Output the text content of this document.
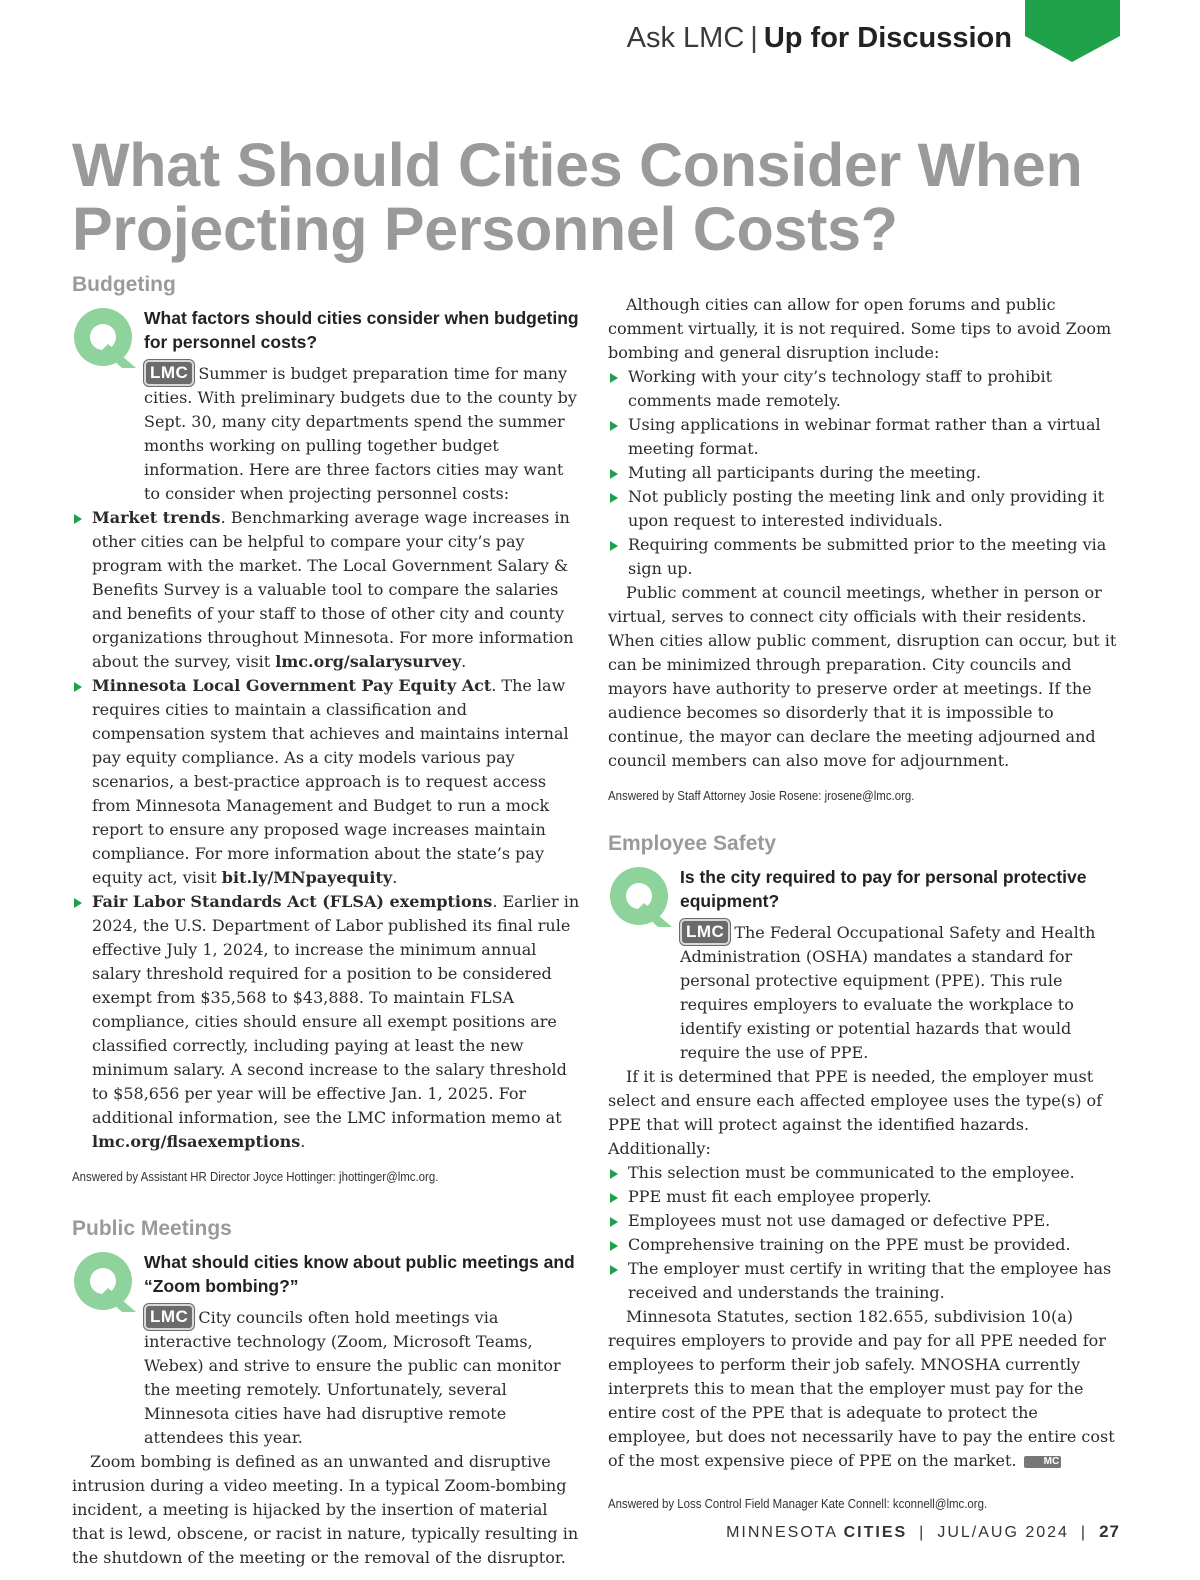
Ask LMC | Up for Discussion
What Should Cities Consider When Projecting Personnel Costs?
Budgeting
What factors should cities consider when budgeting for personnel costs?

LMC Summer is budget preparation time for many cities. With preliminary budgets due to the county by Sept. 30, many city departments spend the summer months working on pulling together budget information. Here are three factors cities may want to consider when projecting personnel costs:

Market trends. Benchmarking average wage increases in other cities can be helpful to compare your city’s pay program with the market. The Local Government Salary & Benefits Survey is a valuable tool to compare the salaries and benefits of your staff to those of other city and county organizations throughout Minnesota. For more information about the survey, visit lmc.org/salarysurvey.
Minnesota Local Government Pay Equity Act. The law requires cities to maintain a classification and compensation system that achieves and maintains internal pay equity compliance. As a city models various pay scenarios, a best-practice approach is to request access from Minnesota Management and Budget to run a mock report to ensure any proposed wage increases maintain compliance. For more information about the state’s pay equity act, visit bit.ly/MNpayequity.
Fair Labor Standards Act (FLSA) exemptions. Earlier in 2024, the U.S. Department of Labor published its final rule effective July 1, 2024, to increase the minimum annual salary threshold required for a position to be considered exempt from $35,568 to $43,888. To maintain FLSA compliance, cities should ensure all exempt positions are classified correctly, including paying at least the new minimum salary. A second increase to the salary threshold to $58,656 per year will be effective Jan. 1, 2025. For additional information, see the LMC information memo at lmc.org/flsaexemptions.
Answered by Assistant HR Director Joyce Hottinger: jhottinger@lmc.org.
Public Meetings
What should cities know about public meetings and “Zoom bombing?”

LMC City councils often hold meetings via interactive technology (Zoom, Microsoft Teams, Webex) and strive to ensure the public can monitor the meeting remotely. Unfortunately, several Minnesota cities have had disruptive remote attendees this year.

Zoom bombing is defined as an unwanted and disruptive intrusion during a video meeting. In a typical Zoom-bombing incident, a meeting is hijacked by the insertion of material that is lewd, obscene, or racist in nature, typically resulting in the shutdown of the meeting or the removal of the disruptor.

Although cities can allow for open forums and public comment virtually, it is not required. Some tips to avoid Zoom bombing and general disruption include:

Working with your city’s technology staff to prohibit comments made remotely.
Using applications in webinar format rather than a virtual meeting format.
Muting all participants during the meeting.
Not publicly posting the meeting link and only providing it upon request to interested individuals.
Requiring comments be submitted prior to the meeting via sign up.

Public comment at council meetings, whether in person or virtual, serves to connect city officials with their residents. When cities allow public comment, disruption can occur, but it can be minimized through preparation. City councils and mayors have authority to preserve order at meetings. If the audience becomes so disorderly that it is impossible to continue, the mayor can declare the meeting adjourned and council members can also move for adjournment.

Answered by Staff Attorney Josie Rosene: jrosene@lmc.org.
Employee Safety
Is the city required to pay for personal protective equipment?

LMC The Federal Occupational Safety and Health Administration (OSHA) mandates a standard for personal protective equipment (PPE). This rule requires employers to evaluate the workplace to identify existing or potential hazards that would require the use of PPE.

If it is determined that PPE is needed, the employer must select and ensure each affected employee uses the type(s) of PPE that will protect against the identified hazards. Additionally:

This selection must be communicated to the employee.
PPE must fit each employee properly.
Employees must not use damaged or defective PPE.
Comprehensive training on the PPE must be provided.
The employer must certify in writing that the employee has received and understands the training.

Minnesota Statutes, section 182.655, subdivision 10(a) requires employers to provide and pay for all PPE needed for employees to perform their job safely. MNOSHA currently interprets this to mean that the employer must pay for the entire cost of the PPE that is adequate to protect the employee, but does not necessarily have to pay the entire cost of the most expensive piece of PPE on the market.	MC

Answered by Loss Control Field Manager Kate Connell: kconnell@lmc.org.
MINNESOTA CITIES | JUL/AUG 2024 | 27
